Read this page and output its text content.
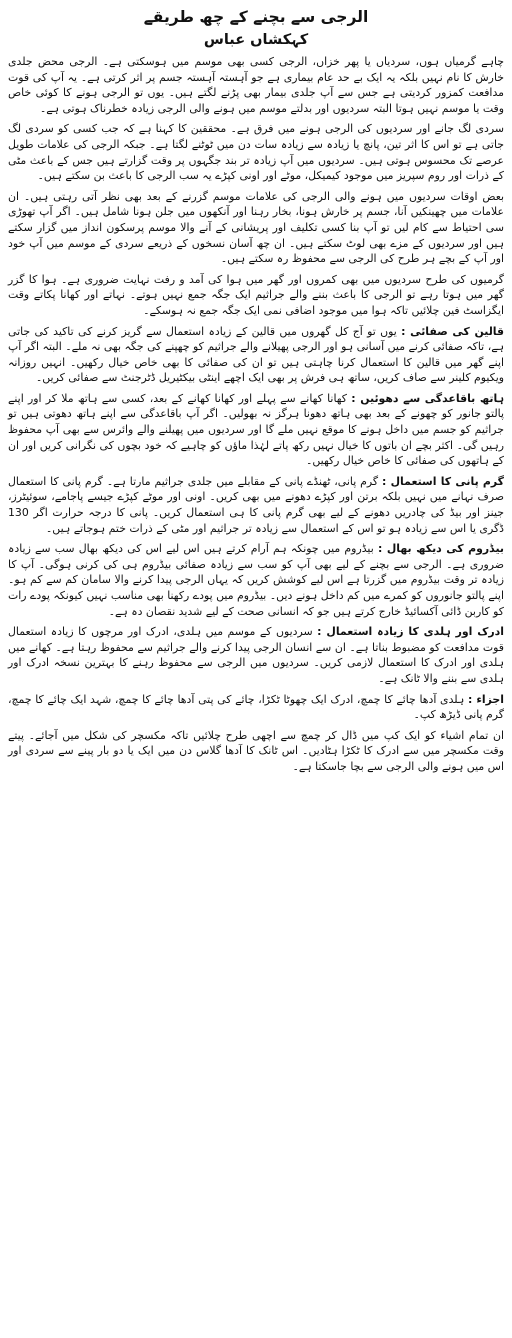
الرجی سے بچنے کے چھ طریقے
کہکشاں عباس

چاہے گرمیاں ہوں، سردیاں یا پھر خزاں، الرجی کسی بھی موسم میں ہوسکتی ہے۔ الرجی محض جلدی خارش کا نام نہیں بلکہ یہ ایک بے حد عام بیماری ہے جو آہستہ آہستہ جسم پر اثر کرتی ہے۔ یہ آپ کی قوت مدافعت کمزور کردیتی ہے جس سے آپ جلدی بیمار بھی پڑنے لگتے ہیں۔ یوں تو الرجی ہونے کا کوئی خاص وقت یا موسم نہیں ہوتا البتہ سردیوں اور بدلتے موسم میں ہونے والی الرجی زیادہ خطرناک ہوتی ہے۔

سردی لگ جانے اور سردیوں کی الرجی ہونے میں فرق ہے۔ محققین کا کہنا ہے کہ جب کسی کو سردی لگ جاتی ہے تو اس کا اثر تین، پانچ یا زیادہ سے زیادہ سات دن میں ٹوٹنے لگتا ہے۔ جبکہ الرجی کی علامات طویل عرصے تک محسوس ہوتی ہیں۔ سردیوں میں آپ زیادہ تر بند جگہوں پر وقت گزارتے ہیں جس کے باعث مٹی کے ذرات اور روم سپریز میں موجود کیمیکل، موٹے اور اونی کپڑے یہ سب الرجی کا باعث بن سکتے ہیں۔

بعض اوقات سردیوں میں ہونے والی الرجی کی علامات موسم گزرنے کے بعد بھی نظر آتی رہتی ہیں۔ ان علامات میں چھینکیں آنا، جسم پر خارش ہونا، بخار رہنا اور آنکھوں میں جلن ہونا شامل ہیں۔ اگر آپ تھوڑی سی احتیاط سے کام لیں تو آپ بنا کسی تکلیف اور پریشانی کے آنے والا موسم پرسکون انداز میں گزار سکتے ہیں اور سردیوں کے مزے بھی لوٹ سکتے ہیں۔ ان چھ آسان نسخوں کے ذریعے سردی کے موسم میں آپ خود اور آپ کے بچے ہر طرح کی الرجی سے محفوظ رہ سکتے ہیں۔

گرمیوں کی طرح سردیوں میں بھی کمروں اور گھر میں ہوا کی آمد و رفت نہایت ضروری ہے۔ ہوا کا گزر گھر میں ہوتا رہے تو الرجی کا باعث بننے والے جراثیم ایک جگہ جمع نہیں ہوتے۔ نہاتے اور کھانا پکاتے وقت ایگزاسٹ فین چلائیں تاکہ ہوا میں موجود اضافی نمی ایک جگہ جمع نہ ہوسکے۔

قالین کی صفائی : یوں تو آج کل گھروں میں قالین کے زیادہ استعمال سے گریز کرنے کی تاکید کی جاتی ہے، تاکہ صفائی کرنے میں آسانی ہو اور الرجی پھیلانے والے جراثیم کو چھپنے کی جگہ بھی نہ ملے۔ البتہ اگر آپ اپنے گھر میں قالین کا استعمال کرنا چاہتی ہیں تو ان کی صفائی کا بھی خاص خیال رکھیں۔ انہیں روزانہ ویکیوم کلینر سے صاف کریں، ساتھ ہی فرش پر بھی ایک اچھے اینٹی بیکٹیریل ڈٹرجنٹ سے صفائی کریں۔

ہاتھ باقاعدگی سے دھوئیں : کھانا کھانے سے پہلے اور کھانا کھانے کے بعد، کسی سے ہاتھ ملا کر اور اپنے پالتو جانور کو چھونے کے بعد بھی ہاتھ دھونا ہرگز نہ بھولیں۔ اگر آپ باقاعدگی سے اپنے ہاتھ دھوتی ہیں تو جراثیم کو جسم میں داخل ہونے کا موقع نہیں ملے گا اور سردیوں میں پھیلنے والے وائرس سے بھی آپ محفوظ رہیں گی۔ اکثر بچے ان باتوں کا خیال نہیں رکھ پاتے لہٰذا ماؤں کو چاہیے کہ خود بچوں کی نگرانی کریں اور ان کے ہاتھوں کی صفائی کا خاص خیال رکھیں۔

گرم پانی کا استعمال : گرم پانی، ٹھنڈے پانی کے مقابلے میں جلدی جراثیم مارتا ہے۔ گرم پانی کا استعمال صرف نہانے میں نہیں بلکہ برتن اور کپڑے دھونے میں بھی کریں۔ اونی اور موٹے کپڑے جیسے پاجامے، سوئیٹرز، جینز اور بیڈ کی چادریں دھونے کے لیے بھی گرم پانی کا ہی استعمال کریں۔ پانی کا درجہ حرارت اگر 130 ڈگری یا اس سے زیادہ ہو تو اس کے استعمال سے زیادہ تر جراثیم اور مٹی کے ذرات ختم ہوجاتے ہیں۔

بیڈروم کی دیکھ بھال : بیڈروم میں چونکہ ہم آرام کرتے ہیں اس لیے اس کی دیکھ بھال سب سے زیادہ ضروری ہے۔ الرجی سے بچنے کے لیے بھی آپ کو سب سے زیادہ صفائی بیڈروم ہی کی کرنی ہوگی۔ آپ کا زیادہ تر وقت بیڈروم میں گزرتا ہے اس لیے کوشش کریں کہ یہاں الرجی پیدا کرنے والا سامان کم سے کم ہو۔ اپنے پالتو جانوروں کو کمرے میں کم داخل ہونے دیں۔ بیڈروم میں پودے رکھنا بھی مناسب نہیں کیونکہ پودے رات کو کاربن ڈائی آکسائیڈ خارج کرتے ہیں جو کہ انسانی صحت کے لیے شدید نقصان دہ ہے۔

ادرک اور ہلدی کا زیادہ استعمال : سردیوں کے موسم میں ہلدی، ادرک اور مرچوں کا زیادہ استعمال قوت مدافعت کو مضبوط بناتا ہے۔ ان سے انسان الرجی پیدا کرنے والے جراثیم سے محفوظ رہتا ہے۔ کھانے میں ہلدی اور ادرک کا استعمال لازمی کریں۔ سردیوں میں الرجی سے محفوظ رہنے کا بہترین نسخہ ادرک اور ہلدی سے بننے والا ٹانک ہے۔

اجزاء : ہلدی آدھا چائے کا چمچ، ادرک ایک چھوٹا ٹکڑا، چائے کی پتی آدھا چائے کا چمچ، شہد ایک چائے کا چمچ، گرم پانی ڈیڑھ کپ۔

ان تمام اشیاء کو ایک کپ میں ڈال کر چمچ سے اچھی طرح چلائیں تاکہ مکسچر کی شکل میں آجائے۔ پیتے وقت مکسچر میں سے ادرک کا ٹکڑا ہٹادیں۔ اس ٹانک کا آدھا گلاس دن میں ایک یا دو بار پینے سے سردی اور اس میں ہونے والی الرجی سے بچا جاسکتا ہے۔
